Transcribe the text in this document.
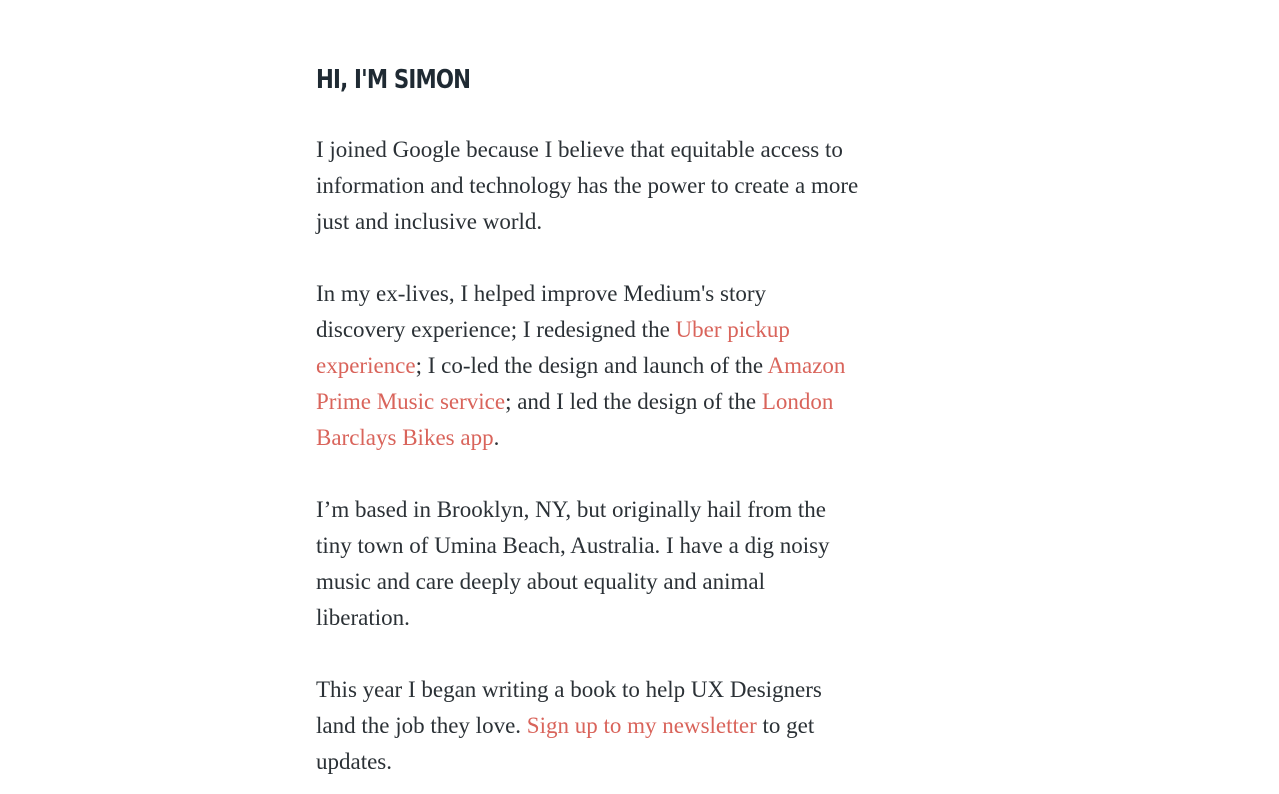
HI, I'M SIMON

I joined Google because I believe that equitable access to information and technology has the power to create a more just and inclusive world.

In my ex-lives, I helped improve Medium's story discovery experience; I redesigned the Uber pickup experience; I co-led the design and launch of the Amazon Prime Music service; and I led the design of the London Barclays Bikes app.

I’m based in Brooklyn, NY, but originally hail from the tiny town of Umina Beach, Australia. I have a dig noisy music and care deeply about equality and animal liberation.

This year I began writing a book to help UX Designers land the job they love. Sign up to my newsletter to get updates.
